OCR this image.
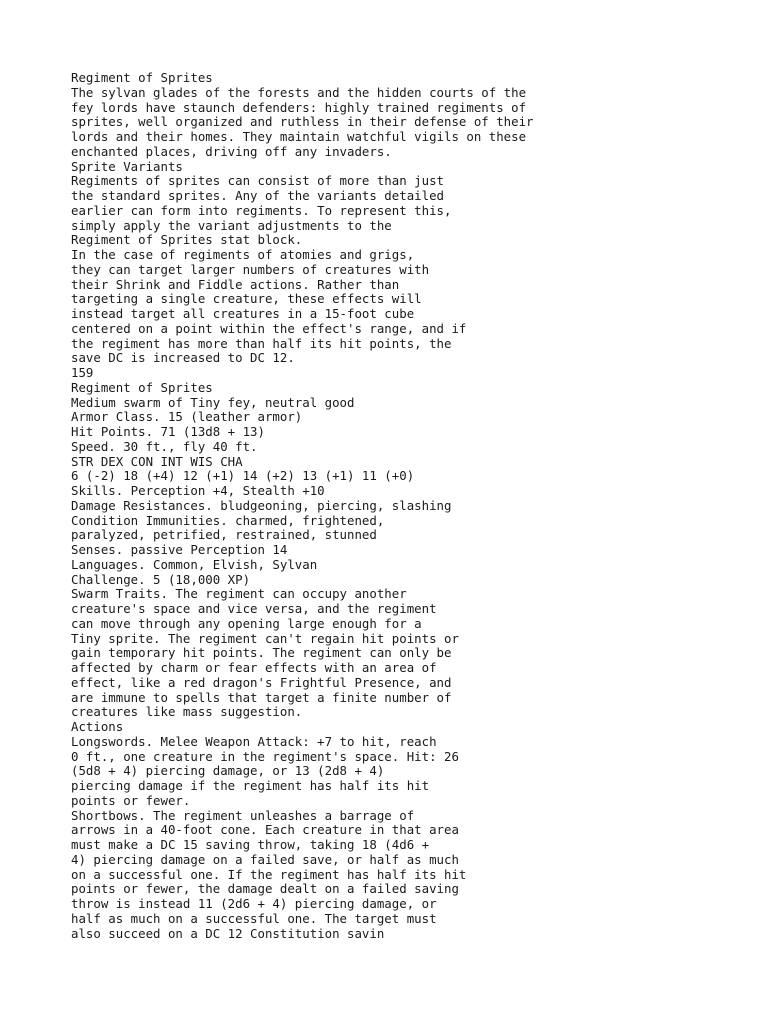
Regiment of Sprites
The sylvan glades of the forests and the hidden courts of the
fey lords have staunch defenders: highly trained regiments of
sprites, well organized and ruthless in their defense of their
lords and their homes. They maintain watchful vigils on these
enchanted places, driving off any invaders.
Sprite Variants
Regiments of sprites can consist of more than just
the standard sprites. Any of the variants detailed
earlier can form into regiments. To represent this,
simply apply the variant adjustments to the
Regiment of Sprites stat block.
In the case of regiments of atomies and grigs,
they can target larger numbers of creatures with
their Shrink and Fiddle actions. Rather than
targeting a single creature, these effects will
instead target all creatures in a 15-foot cube
centered on a point within the effect's range, and if
the regiment has more than half its hit points, the
save DC is increased to DC 12.
159
Regiment of Sprites
Medium swarm of Tiny fey, neutral good
Armor Class. 15 (leather armor)
Hit Points. 71 (13d8 + 13)
Speed. 30 ft., fly 40 ft.
STR DEX CON INT WIS CHA
6 (-2) 18 (+4) 12 (+1) 14 (+2) 13 (+1) 11 (+0)
Skills. Perception +4, Stealth +10
Damage Resistances. bludgeoning, piercing, slashing
Condition Immunities. charmed, frightened,
paralyzed, petrified, restrained, stunned
Senses. passive Perception 14
Languages. Common, Elvish, Sylvan
Challenge. 5 (18,000 XP)
Swarm Traits. The regiment can occupy another
creature's space and vice versa, and the regiment
can move through any opening large enough for a
Tiny sprite. The regiment can't regain hit points or
gain temporary hit points. The regiment can only be
affected by charm or fear effects with an area of
effect, like a red dragon's Frightful Presence, and
are immune to spells that target a finite number of
creatures like mass suggestion.
Actions
Longswords. Melee Weapon Attack: +7 to hit, reach
0 ft., one creature in the regiment's space. Hit: 26
(5d8 + 4) piercing damage, or 13 (2d8 + 4)
piercing damage if the regiment has half its hit
points or fewer.
Shortbows. The regiment unleashes a barrage of
arrows in a 40-foot cone. Each creature in that area
must make a DC 15 saving throw, taking 18 (4d6 +
4) piercing damage on a failed save, or half as much
on a successful one. If the regiment has half its hit
points or fewer, the damage dealt on a failed saving
throw is instead 11 (2d6 + 4) piercing damage, or
half as much on a successful one. The target must
also succeed on a DC 12 Constitution savin
